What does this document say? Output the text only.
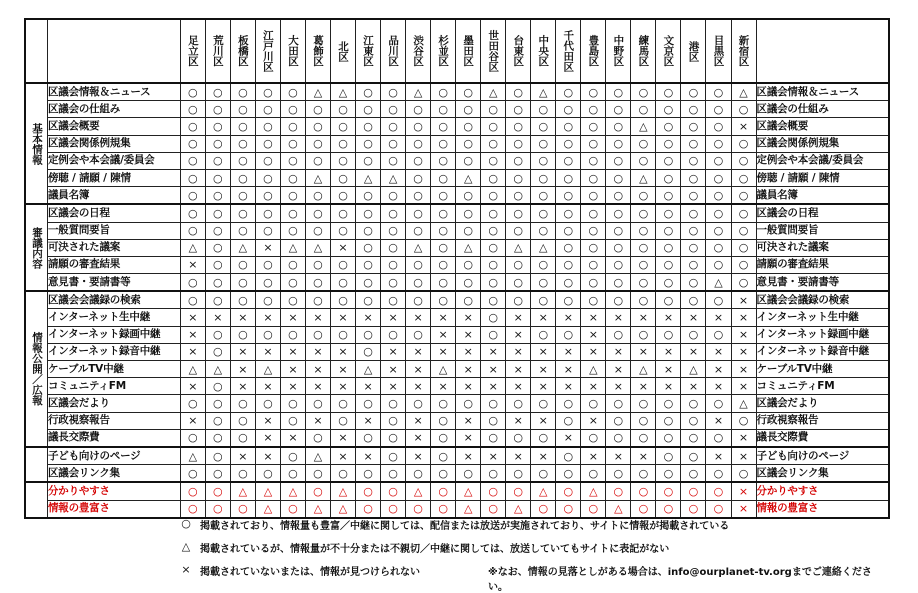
		足立区	荒川区	板橋区	江戸川区	大田区	葛飾区	北区	江東区	品川区	渋谷区	杉並区	墨田区	世田谷区	台東区	中央区	千代田区	豊島区	中野区	練馬区	文京区	港区	目黒区	新宿区	

基本情報	区議会情報＆ニュース	○	○	○	○	○	△	△	○	○	△	○	○	△	○	△	○	○	○	○	○	○	○	△	区議会情報＆ニュース
	区議会の仕組み	○	○	○	○	○	○	○	○	○	○	○	○	○	○	○	○	○	○	○	○	○	○	○	区議会の仕組み
	区議会概要	○	○	○	○	○	○	○	○	○	○	○	○	○	○	○	○	○	○	△	○	○	○	×	区議会概要
	区議会関係例規集	○	○	○	○	○	○	○	○	○	○	○	○	○	○	○	○	○	○	○	○	○	○	○	区議会関係例規集
	定例会や本会議/委員会	○	○	○	○	○	○	○	○	○	○	○	○	○	○	○	○	○	○	○	○	○	○	○	定例会や本会議/委員会
	傍聴 / 請願 / 陳情	○	○	○	○	○	△	○	△	△	○	○	△	○	○	○	○	○	○	△	○	○	○	○	傍聴 / 請願 / 陳情
	議員名簿	○	○	○	○	○	○	○	○	○	○	○	○	○	○	○	○	○	○	○	○	○	○	○	議員名簿

審議内容	区議会の日程	○	○	○	○	○	○	○	○	○	○	○	○	○	○	○	○	○	○	○	○	○	○	○	区議会の日程
	一般質問要旨	○	○	○	○	○	○	○	○	○	○	○	○	○	○	○	○	○	○	○	○	○	○	○	一般質問要旨
	可決された議案	△	○	△	×	△	△	×	○	○	△	○	△	○	△	△	○	○	○	○	○	○	○	○	可決された議案
	請願の審査結果	×	○	○	○	○	○	○	○	○	○	○	○	○	○	○	○	○	○	○	○	○	○	○	請願の審査結果
	意見書・要請書等	○	○	○	○	○	○	○	○	○	○	○	○	○	○	○	○	○	○	○	○	○	△	○	意見書・要請書等

情報公開／広報	区議会会議録の検索	○	○	○	○	○	○	○	○	○	○	○	○	○	○	○	○	○	○	○	○	○	○	×	区議会会議録の検索
	インターネット生中継	×	×	×	×	×	×	×	×	×	×	×	×	○	×	×	×	×	×	×	×	×	×	×	インターネット生中継
	インターネット録画中継	×	○	○	○	○	○	○	○	○	○	×	×	○	×	○	○	×	○	○	○	○	○	×	インターネット録画中継
	インターネット録音中継	×	○	×	×	×	×	×	○	×	×	×	×	×	×	×	×	×	×	×	×	×	×	×	インターネット録音中継
	ケーブルTV中継	△	△	×	△	×	×	×	△	×	×	△	×	×	×	×	×	△	×	△	×	△	×	×	ケーブルTV中継
	コミュニティFM	×	○	×	×	×	×	×	×	×	×	×	×	×	×	×	×	×	×	×	×	×	×	×	コミュニティFM
	区議会だより	○	○	○	○	○	○	○	○	○	○	○	○	○	○	○	○	○	○	○	○	○	○	△	区議会だより
	行政視察報告	×	○	○	×	○	×	○	×	○	×	○	×	○	×	×	○	×	○	○	○	○	×	○	行政視察報告
	議長交際費	○	○	○	×	×	○	×	○	○	×	○	×	○	○	○	×	○	○	○	○	○	○	×	議長交際費
	子ども向けのページ	△	○	×	×	○	△	×	×	○	×	○	×	×	×	×	○	×	×	×	○	○	×	×	子ども向けのページ
	区議会リンク集	○	○	○	○	○	○	○	○	○	○	○	○	○	○	○	○	○	○	○	○	○	○	○	区議会リンク集
	分かりやすさ	○	○	△	△	△	○	△	○	○	△	○	△	○	○	△	○	△	○	○	○	○	○	×	分かりやすさ
	情報の豊富さ	○	○	○	△	○	△	△	○	○	○	○	△	○	△	○	○	○	△	○	○	○	○	×	情報の豊富さ
○ 掲載されており、情報量も豊富／中継に関しては、配信または放送が実施されており、サイトに情報が掲載されている
△ 掲載されているが、情報量が不十分または不親切／中継に関しては、放送していてもサイトに表記がない
× 掲載されていないまたは、情報が見つけられない	※なお、情報の見落としがある場合は、info@ourplanet-tv.orgまでご連絡ください。
